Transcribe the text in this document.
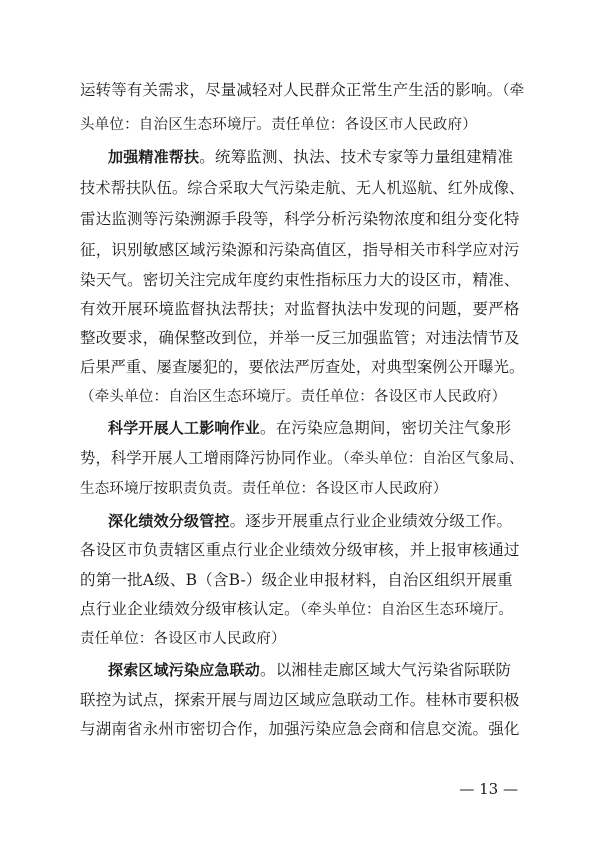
运转等有关需求，尽量减轻对人民群众正常生产生活的影响。（牵
头单位：自治区生态环境厅。责任单位：各设区市人民政府）
加强精准帮扶。统筹监测、执法、技术专家等力量组建精准
技术帮扶队伍。综合采取大气污染走航、无人机巡航、红外成像、
雷达监测等污染溯源手段等，科学分析污染物浓度和组分变化特
征，识别敏感区域污染源和污染高值区，指导相关市科学应对污
染天气。密切关注完成年度约束性指标压力大的设区市，精准、
有效开展环境监督执法帮扶；对监督执法中发现的问题，要严格
整改要求，确保整改到位，并举一反三加强监管；对违法情节及
后果严重、屡查屡犯的，要依法严厉查处，对典型案例公开曝光。
（牵头单位：自治区生态环境厅。责任单位：各设区市人民政府）
科学开展人工影响作业。在污染应急期间，密切关注气象形
势，科学开展人工增雨降污协同作业。（牵头单位：自治区气象局、
生态环境厅按职责负责。责任单位：各设区市人民政府）
深化绩效分级管控。逐步开展重点行业企业绩效分级工作。
各设区市负责辖区重点行业企业绩效分级审核，并上报审核通过
的第一批A级、B（含B-）级企业申报材料，自治区组织开展重
点行业企业绩效分级审核认定。（牵头单位：自治区生态环境厅。
责任单位：各设区市人民政府）
探索区域污染应急联动。以湘桂走廊区域大气污染省际联防
联控为试点，探索开展与周边区域应急联动工作。桂林市要积极
与湖南省永州市密切合作，加强污染应急会商和信息交流。强化
— 13 —
